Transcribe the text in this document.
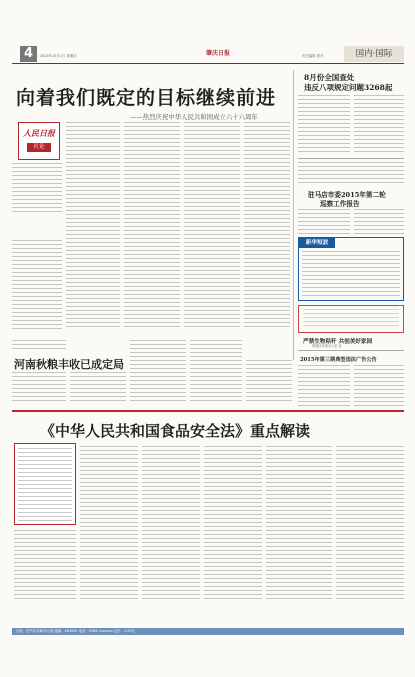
4	2015年10月1日 星期四	肇庆日报	责任编辑 校对	国内·国际
向着我们既定的目标继续前进
——热烈庆祝中华人民共和国成立六十六周年
人民日报
社论
8月份全国查处
违反八项规定问题3268起
驻马店市委2015年第二轮
巡察工作报告
新华短波
严禁生物秸秆 共创美好家园
邢城区环境办公室 宣
2015年第三期典型违法广告公告
河南秋粮丰收已成定局
《中华人民共和国食品安全法》重点解读
社址：驻马店市新华大道 邮编：463000 电话：0396-2xxxxxx 定价：1.00元
